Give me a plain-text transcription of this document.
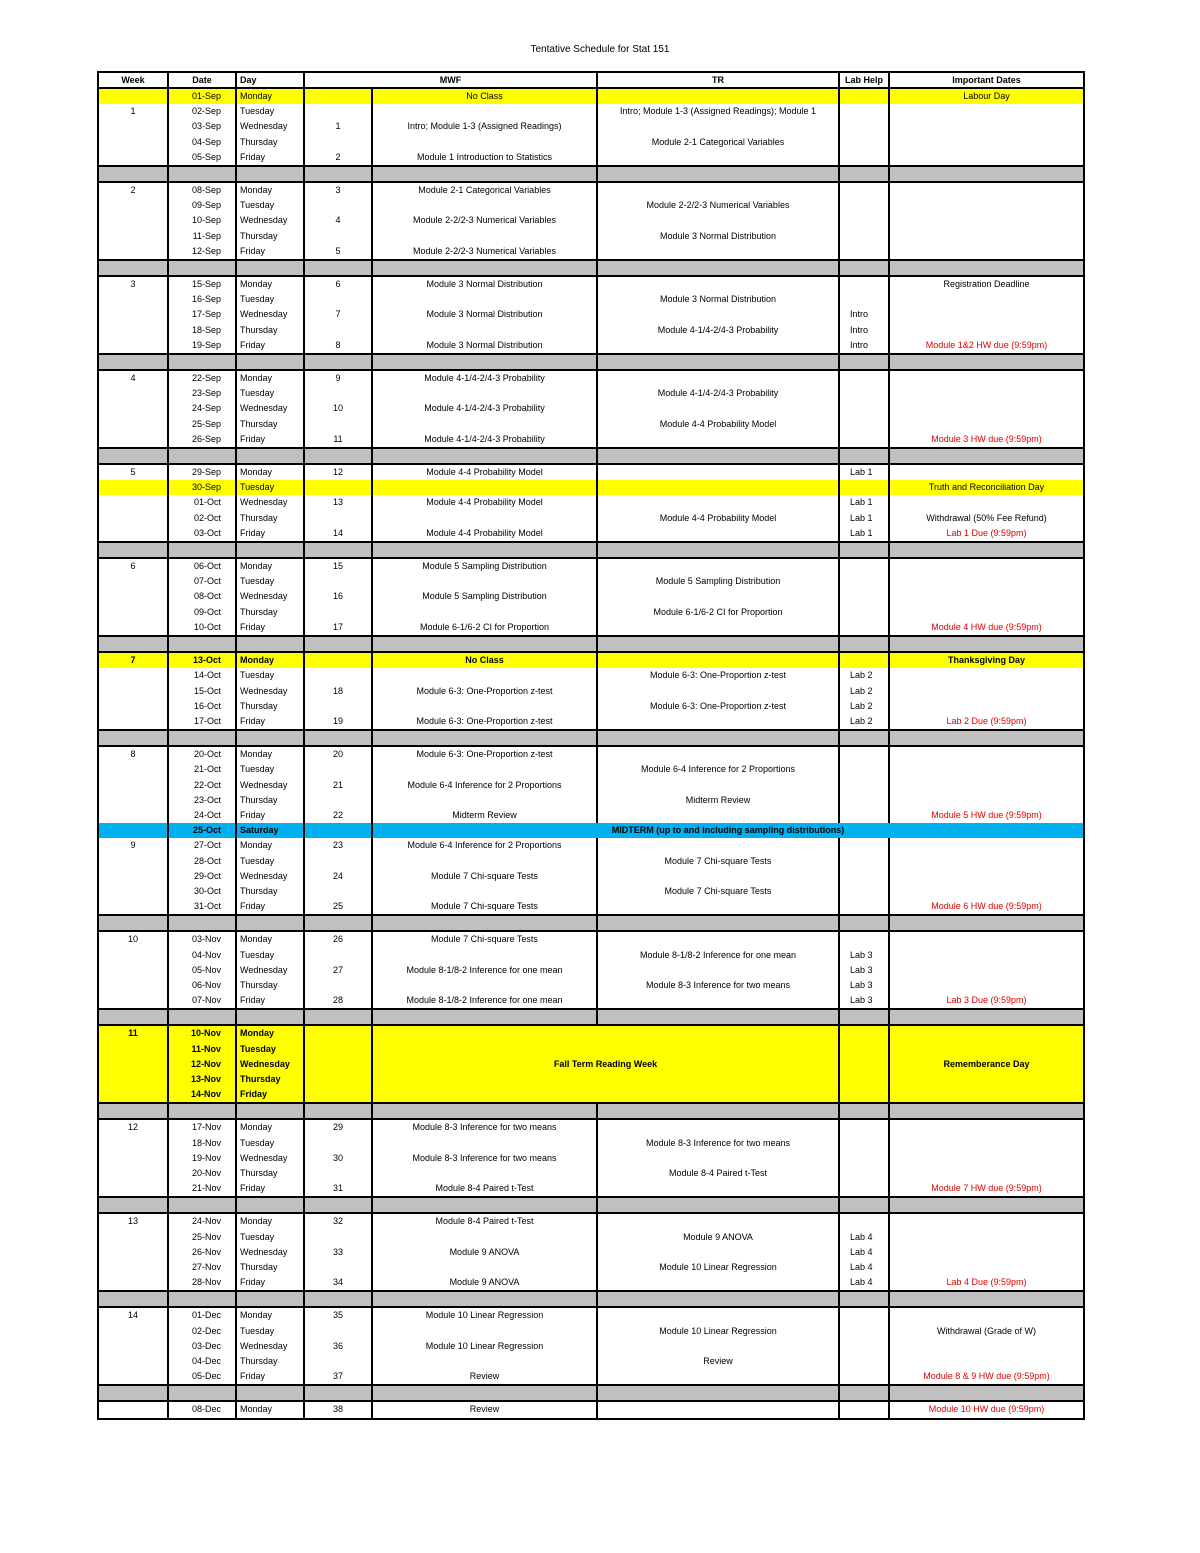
Tentative Schedule for Stat 151
Week	Date	Day	MWF		TR	Lab Help	Important Dates	
	01-Sep	Monday		No Class			Labour Day	
1	02-Sep	Tuesday			Intro; Module 1-3 (Assigned Readings); Module 1			
	03-Sep	Wednesday	1	Intro; Module 1-3 (Assigned Readings)				
	04-Sep	Thursday			Module 2-1 Categorical Variables			
	05-Sep	Friday	2	Module 1 Introduction to Statistics				

2	08-Sep	Monday	3	Module 2-1 Categorical Variables				
	09-Sep	Tuesday			Module 2-2/2-3 Numerical Variables			
	10-Sep	Wednesday	4	Module 2-2/2-3 Numerical Variables				
	11-Sep	Thursday			Module 3 Normal Distribution			
	12-Sep	Friday	5	Module 2-2/2-3 Numerical Variables				

3	15-Sep	Monday	6	Module 3 Normal Distribution			Registration Deadline	
	16-Sep	Tuesday			Module 3 Normal Distribution			
	17-Sep	Wednesday	7	Module 3 Normal Distribution		Intro		
	18-Sep	Thursday			Module 4-1/4-2/4-3 Probability	Intro		
	19-Sep	Friday	8	Module 3 Normal Distribution		Intro	Module 1&2 HW due (9:59pm)	

4	22-Sep	Monday	9	Module 4-1/4-2/4-3 Probability				
	23-Sep	Tuesday			Module 4-1/4-2/4-3 Probability			
	24-Sep	Wednesday	10	Module 4-1/4-2/4-3 Probability				
	25-Sep	Thursday			Module 4-4 Probability Model			
	26-Sep	Friday	11	Module 4-1/4-2/4-3 Probability			Module 3 HW due (9:59pm)	

5	29-Sep	Monday	12	Module 4-4 Probability Model		Lab 1		
	30-Sep	Tuesday					Truth and Reconciliation Day	
	01-Oct	Wednesday	13	Module 4-4 Probability Model		Lab 1		
	02-Oct	Thursday			Module 4-4 Probability Model	Lab 1	Withdrawal (50% Fee Refund)	
	03-Oct	Friday	14	Module 4-4 Probability Model		Lab 1	Lab 1 Due (9:59pm)	

6	06-Oct	Monday	15	Module 5 Sampling Distribution				
	07-Oct	Tuesday			Module 5 Sampling Distribution			
	08-Oct	Wednesday	16	Module 5 Sampling Distribution				
	09-Oct	Thursday			Module 6-1/6-2 CI for Proportion			
	10-Oct	Friday	17	Module 6-1/6-2 CI for Proportion			Module 4 HW due (9:59pm)	

7	13-Oct	Monday		No Class			Thanksgiving Day	
	14-Oct	Tuesday			Module 6-3: One-Proportion z-test	Lab 2		
	15-Oct	Wednesday	18	Module 6-3: One-Proportion z-test		Lab 2		
	16-Oct	Thursday			Module 6-3: One-Proportion z-test	Lab 2		
	17-Oct	Friday	19	Module 6-3: One-Proportion z-test		Lab 2	Lab 2 Due (9:59pm)	

8	20-Oct	Monday	20	Module 6-3: One-Proportion z-test				
	21-Oct	Tuesday			Module 6-4 Inference for 2 Proportions			
	22-Oct	Wednesday	21	Module 6-4 Inference for 2 Proportions				
	23-Oct	Thursday			Midterm Review			
	24-Oct	Friday	22	Midterm Review			Module 5 HW due (9:59pm)	
	25-Oct	Saturday		MIDTERM (up to and including sampling distributions)				
9	27-Oct	Monday	23	Module 6-4 Inference for 2 Proportions				
	28-Oct	Tuesday			Module 7 Chi-square Tests			
	29-Oct	Wednesday	24	Module 7 Chi-square Tests				
	30-Oct	Thursday			Module 7 Chi-square Tests			
	31-Oct	Friday	25	Module 7 Chi-square Tests			Module 6 HW due (9:59pm)	

10	03-Nov	Monday	26	Module 7 Chi-square Tests				
	04-Nov	Tuesday			Module 8-1/8-2 Inference for one mean	Lab 3		
	05-Nov	Wednesday	27	Module 8-1/8-2 Inference for one mean		Lab 3		
	06-Nov	Thursday			Module 8-3 Inference for two means	Lab 3		
	07-Nov	Friday	28	Module 8-1/8-2 Inference for one mean		Lab 3	Lab 3 Due (9:59pm)	

11	10-Nov	Monday		Fall Term Reading Week			Rememberance Day	
	11-Nov	Tuesday						
	12-Nov	Wednesday						
	13-Nov	Thursday						
	14-Nov	Friday						

12	17-Nov	Monday	29	Module 8-3 Inference for two means				
	18-Nov	Tuesday			Module 8-3 Inference for two means			
	19-Nov	Wednesday	30	Module 8-3 Inference for two means				
	20-Nov	Thursday			Module 8-4 Paired t-Test			
	21-Nov	Friday	31	Module 8-4 Paired t-Test			Module 7 HW due (9:59pm)	

13	24-Nov	Monday	32	Module 8-4 Paired t-Test				
	25-Nov	Tuesday			Module 9 ANOVA	Lab 4		
	26-Nov	Wednesday	33	Module 9 ANOVA		Lab 4		
	27-Nov	Thursday			Module 10 Linear Regression	Lab 4		
	28-Nov	Friday	34	Module 9 ANOVA		Lab 4	Lab 4 Due (9:59pm)	

14	01-Dec	Monday	35	Module 10 Linear Regression				
	02-Dec	Tuesday			Module 10 Linear Regression		Withdrawal (Grade of W)	
	03-Dec	Wednesday	36	Module 10 Linear Regression				
	04-Dec	Thursday			Review			
	05-Dec	Friday	37	Review			Module 8 & 9 HW due (9:59pm)	

	08-Dec	Monday	38	Review			Module 10 HW due (9:59pm)	
